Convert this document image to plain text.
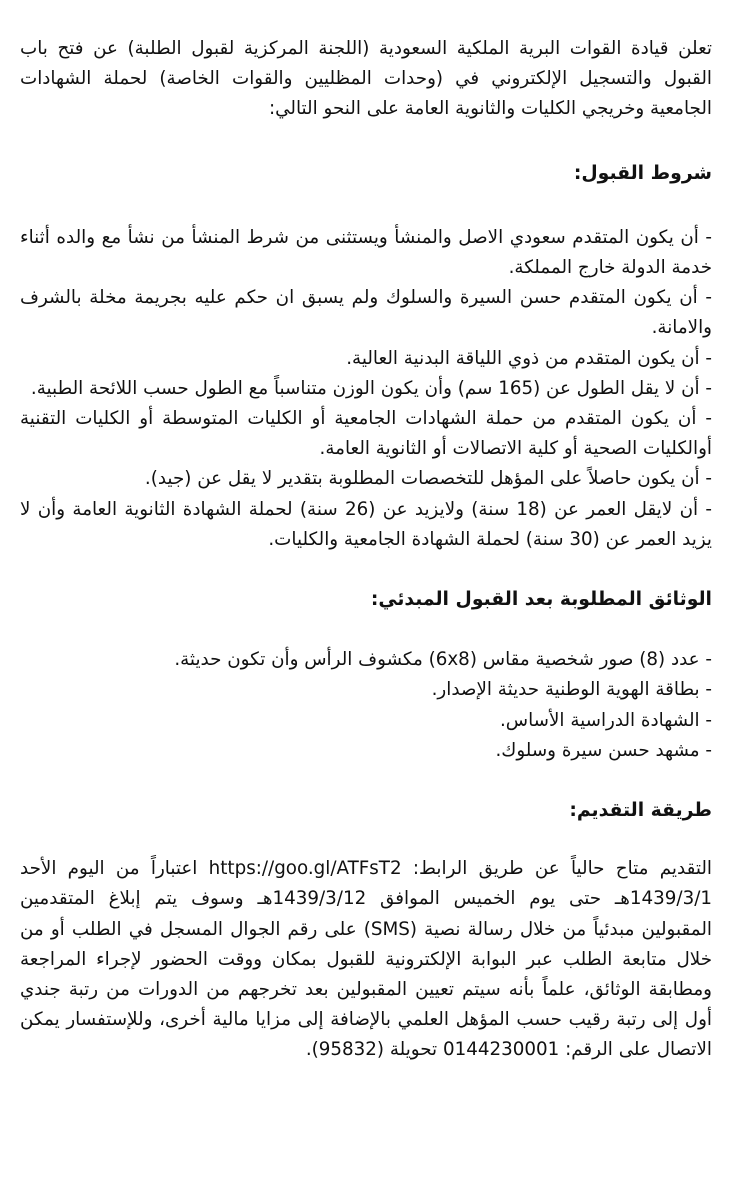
تعلن قيادة القوات البرية الملكية السعودية (اللجنة المركزية لقبول الطلبة) عن فتح باب القبول والتسجيل الإلكتروني في (وحدات المظليين والقوات الخاصة) لحملة الشهادات الجامعية وخريجي الكليات والثانوية العامة على النحو التالي:

شروط القبول:

- أن يكون المتقدم سعودي الاصل والمنشأ ويستثنى من شرط المنشأ من نشأ مع والده أثناء خدمة الدولة خارج المملكة.

- أن يكون المتقدم حسن السيرة والسلوك ولم يسبق ان حكم عليه بجريمة مخلة بالشرف والامانة.

- أن يكون المتقدم من ذوي اللياقة البدنية العالية.

- أن لا يقل الطول عن (165 سم) وأن يكون الوزن متناسباً مع الطول حسب اللائحة الطبية.

- أن يكون المتقدم من حملة الشهادات الجامعية أو الكليات المتوسطة أو الكليات التقنية أوالكليات الصحية أو كلية الاتصالات أو الثانوية العامة.

- أن يكون حاصلاً على المؤهل للتخصصات المطلوبة بتقدير لا يقل عن (جيد).

- أن لايقل العمر عن (18 سنة) ولايزيد عن (26 سنة) لحملة الشهادة الثانوية العامة وأن لا يزيد العمر عن (30 سنة) لحملة الشهادة الجامعية والكليات.

الوثائق المطلوبة بعد القبول المبدئي:

- عدد (8) صور شخصية مقاس (6x8) مكشوف الرأس وأن تكون حديثة.

- بطاقة الهوية الوطنية حديثة الإصدار.

- الشهادة الدراسية الأساس.

- مشهد حسن سيرة وسلوك.

طريقة التقديم:

التقديم متاح حالياً عن طريق الرابط: https://goo.gl/ATFsT2 اعتباراً من اليوم الأحد 1439/3/1هـ حتى يوم الخميس الموافق 1439/3/12هـ وسوف يتم إبلاغ المتقدمين المقبولين مبدئياً من خلال رسالة نصية (SMS) على رقم الجوال المسجل في الطلب أو من خلال متابعة الطلب عبر البوابة الإلكترونية للقبول بمكان ووقت الحضور لإجراء المراجعة ومطابقة الوثائق، علماً بأنه سيتم تعيين المقبولين بعد تخرجهم من الدورات من رتبة جندي أول إلى رتبة رقيب حسب المؤهل العلمي بالإضافة إلى مزايا مالية أخرى، وللإستفسار يمكن الاتصال على الرقم: 0144230001 تحويلة (95832).
